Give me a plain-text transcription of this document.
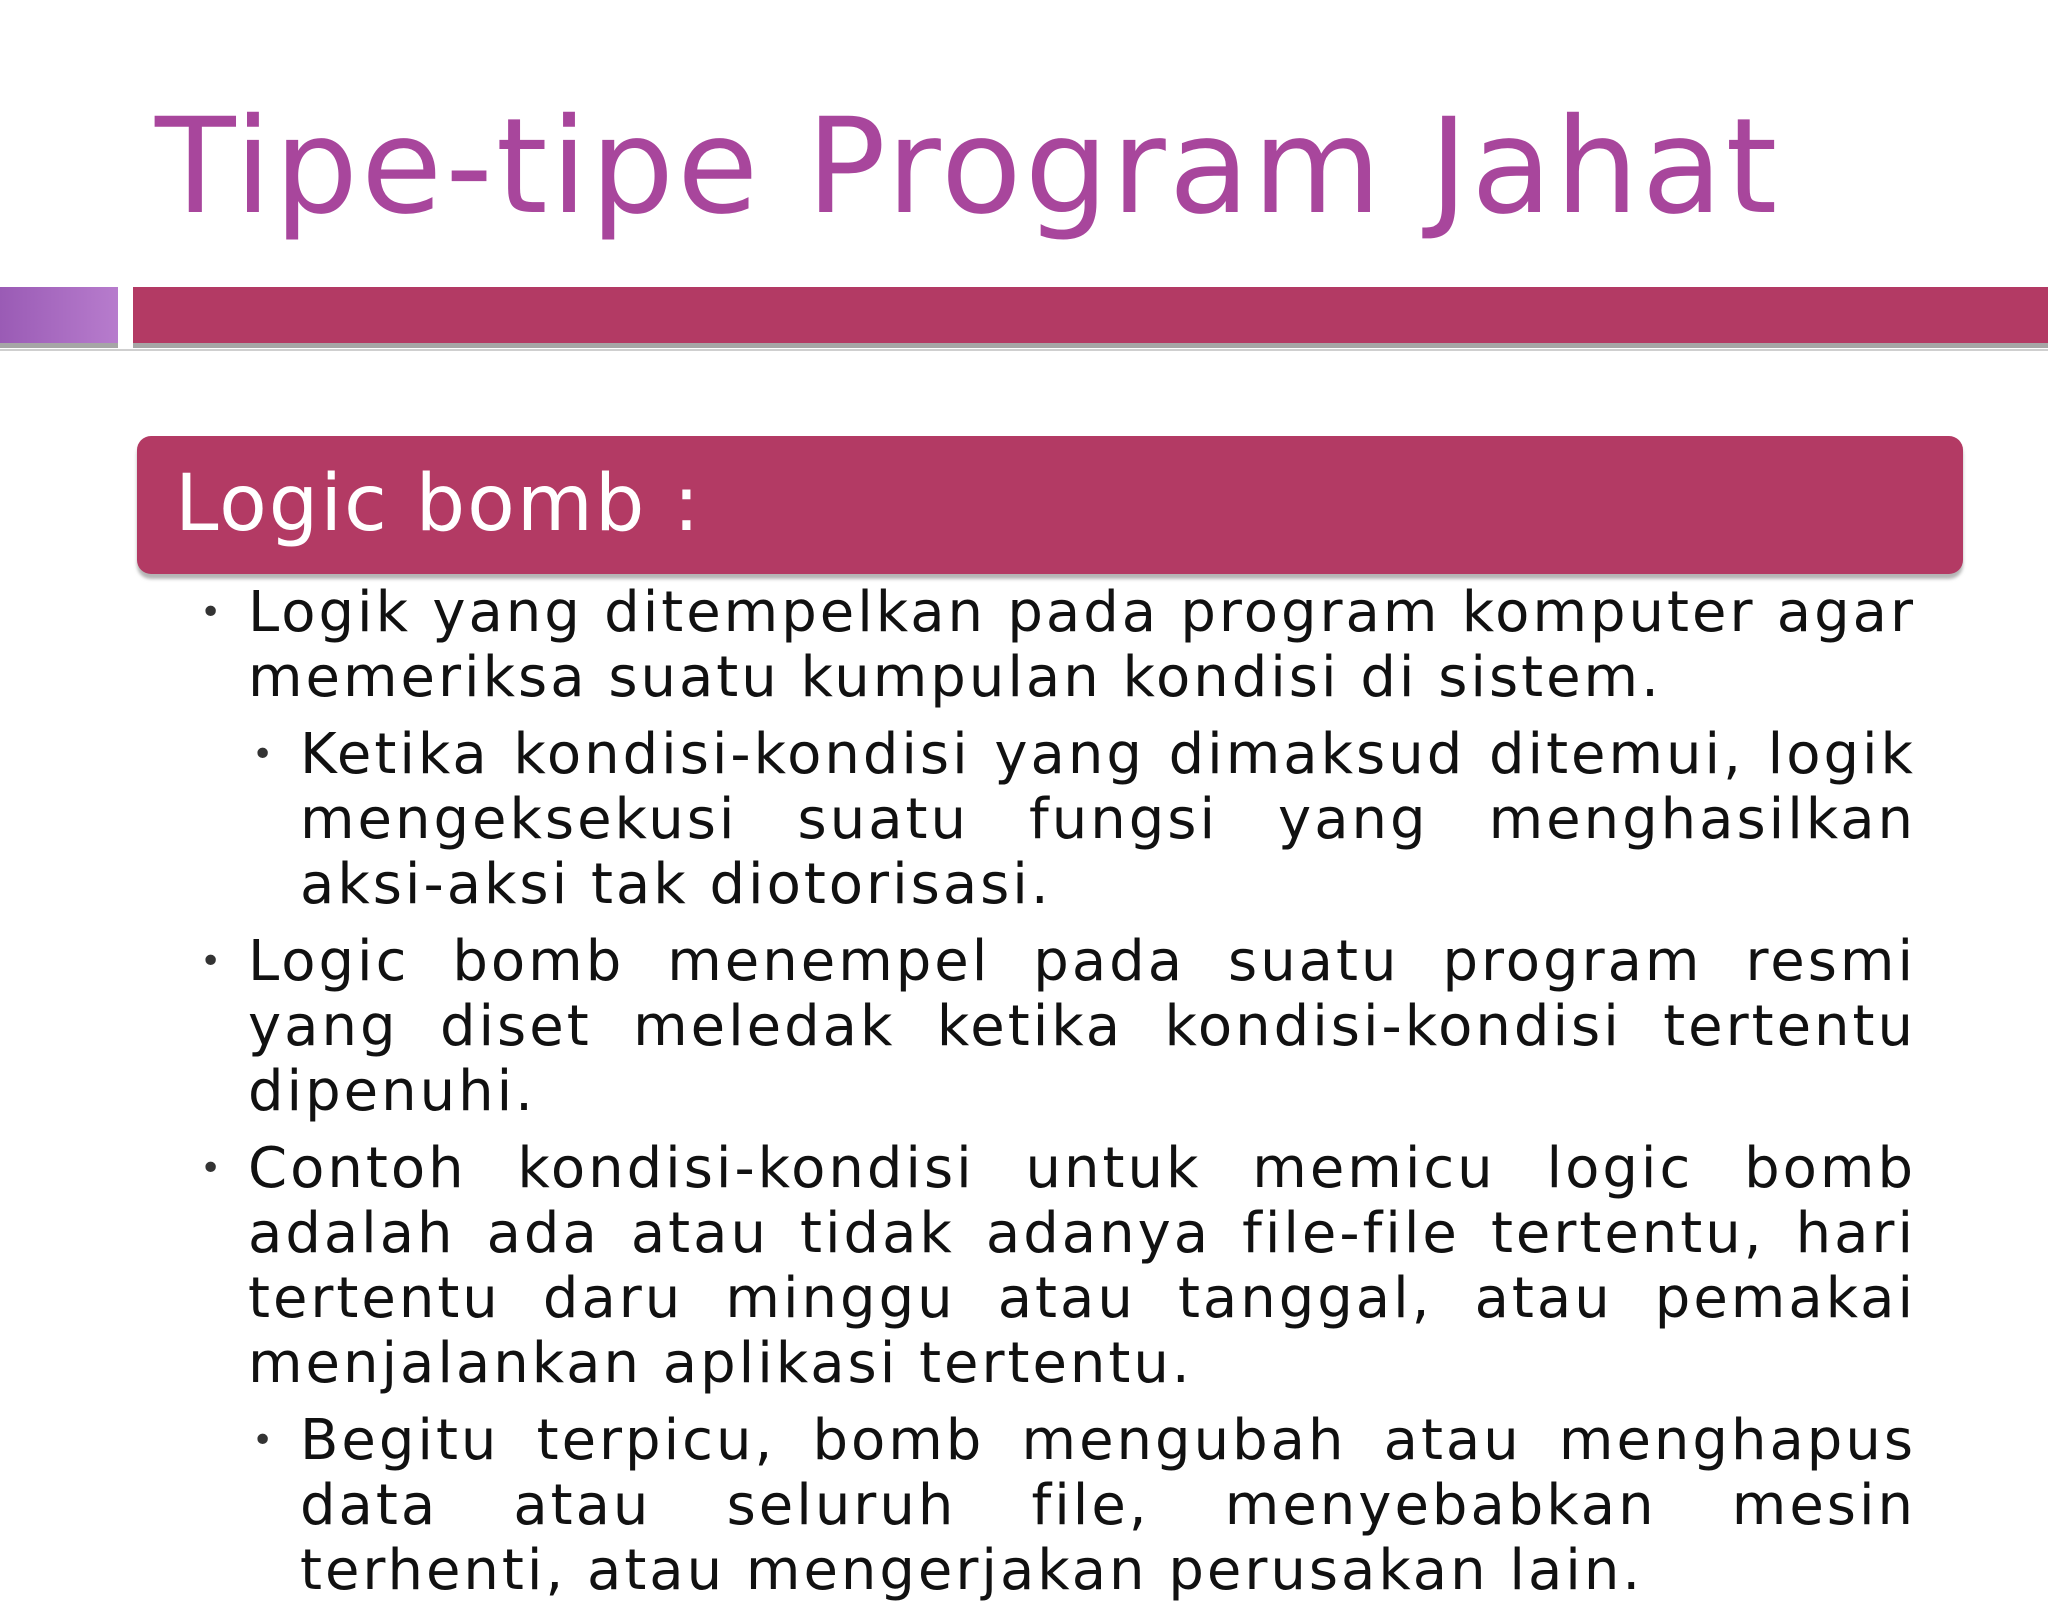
Tipe-tipe Program Jahat
Logic bomb :
• Logik yang ditempelkan pada program komputer agar memeriksa suatu kumpulan kondisi di sistem.
• Ketika kondisi-kondisi yang dimaksud ditemui, logik mengeksekusi suatu fungsi yang menghasilkan aksi-aksi tak diotorisasi.
• Logic bomb menempel pada suatu program resmi yang diset meledak ketika kondisi-kondisi tertentu dipenuhi.
• Contoh kondisi-kondisi untuk memicu logic bomb adalah ada atau tidak adanya file-file tertentu, hari tertentu daru minggu atau tanggal, atau pemakai menjalankan aplikasi tertentu.
• Begitu terpicu, bomb mengubah atau menghapus data atau seluruh file, menyebabkan mesin terhenti, atau mengerjakan perusakan lain.
